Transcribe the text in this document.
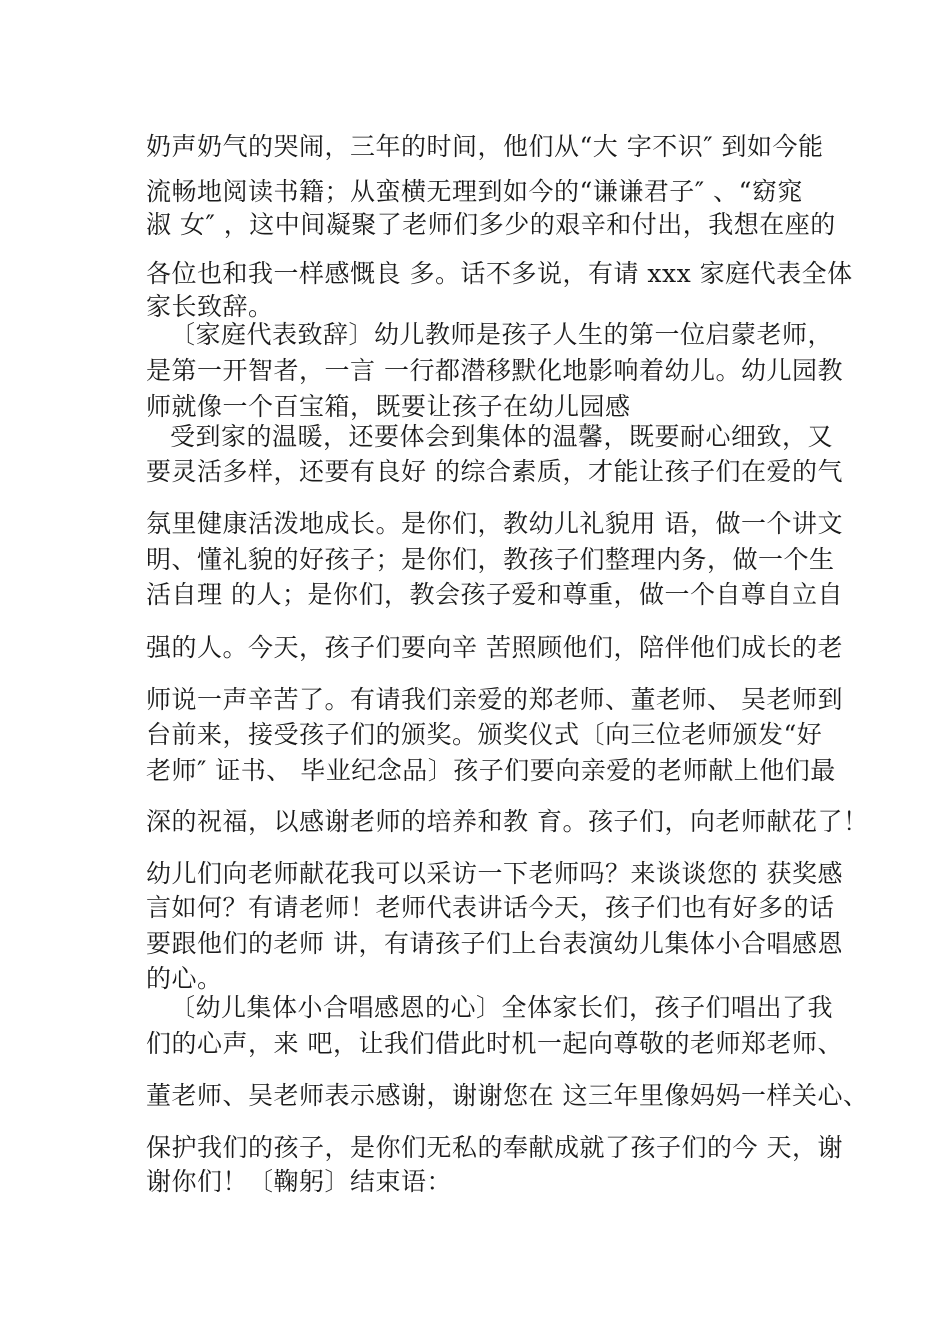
奶声奶气的哭闹，三年的时间，他们从“大 字不识″ 到如今能
流畅地阅读书籍；从蛮横无理到如今的“谦谦君子″ 、“窈窕
淑 女″ ，这中间凝聚了老师们多少的艰辛和付出，我想在座的
各位也和我一样感慨良 多。话不多说，有请 xxx 家庭代表全体
家长致辞。
〔家庭代表致辞〕幼儿教师是孩子人生的第一位启蒙老师，
是第一开智者，一言 一行都潜移默化地影响着幼儿。幼儿园教
师就像一个百宝箱，既要让孩子在幼儿园感
受到家的温暖，还要体会到集体的温馨，既要耐心细致，又
要灵活多样，还要有良好 的综合素质，才能让孩子们在爱的气
氛里健康活泼地成长。是你们，教幼儿礼貌用 语，做一个讲文
明、懂礼貌的好孩子；是你们，教孩子们整理内务，做一个生
活自理 的人；是你们，教会孩子爱和尊重，做一个自尊自立自
强的人。今天，孩子们要向辛 苦照顾他们，陪伴他们成长的老
师说一声辛苦了。有请我们亲爱的郑老师、董老师、 吴老师到
台前来，接受孩子们的颁奖。颁奖仪式〔向三位老师颁发“好
老师″ 证书、 毕业纪念品〕孩子们要向亲爱的老师献上他们最
深的祝福，以感谢老师的培养和教 育。孩子们，向老师献花了！
幼儿们向老师献花我可以采访一下老师吗？来谈谈您的 获奖感
言如何？有请老师！老师代表讲话今天，孩子们也有好多的话
要跟他们的老师 讲，有请孩子们上台表演幼儿集体小合唱感恩
的心。
〔幼儿集体小合唱感恩的心〕全体家长们，孩子们唱出了我
们的心声，来 吧，让我们借此时机一起向尊敬的老师郑老师、
董老师、吴老师表示感谢，谢谢您在 这三年里像妈妈一样关心、
保护我们的孩子，是你们无私的奉献成就了孩子们的今 天，谢
谢你们！〔鞠躬〕结束语：
